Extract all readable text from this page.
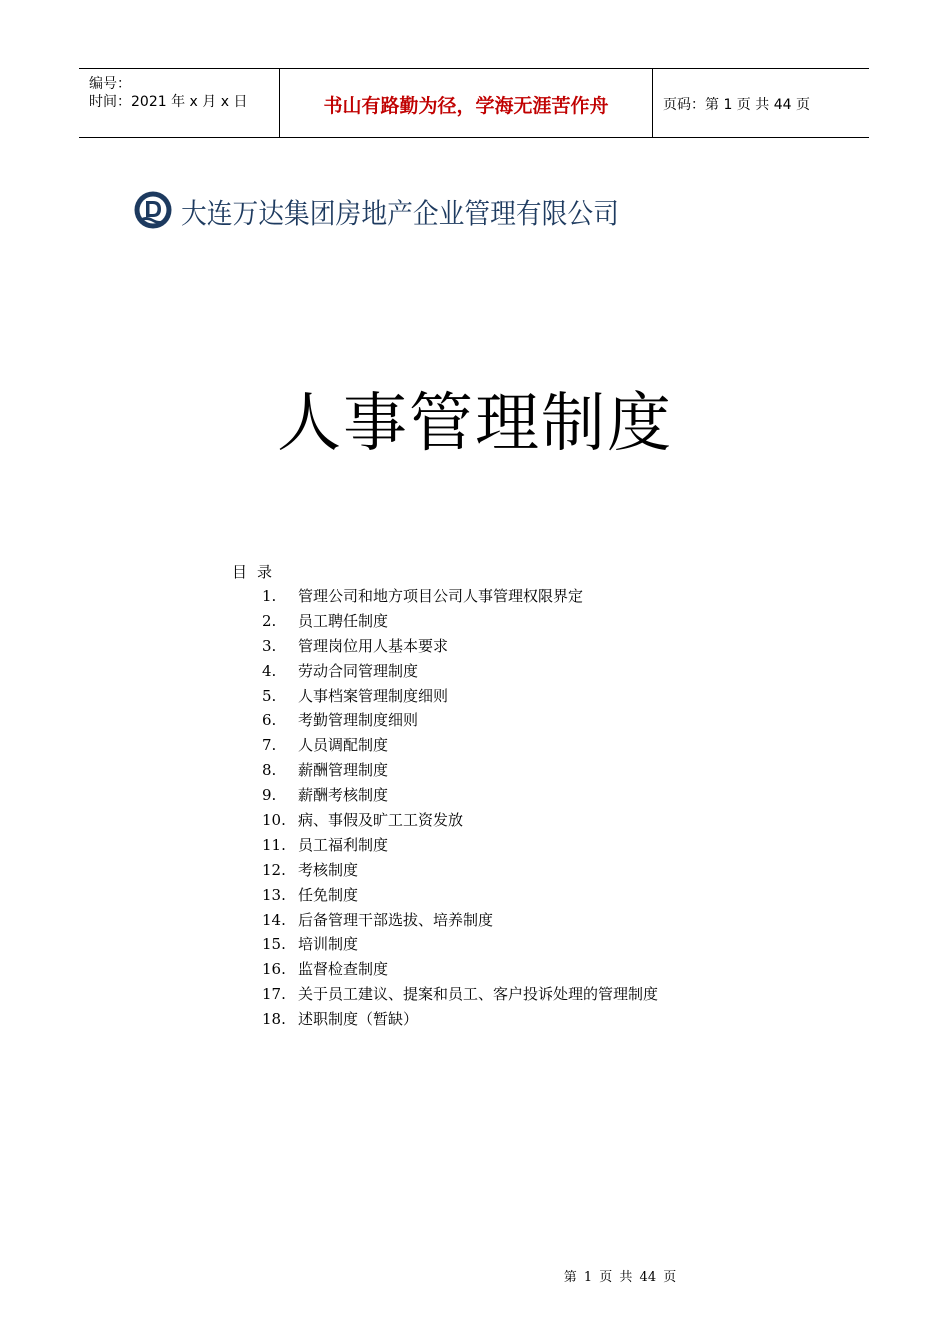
编号：
时间：2021 年 x 月 x 日	书山有路勤为径，学海无涯苦作舟	页码：第 1 页 共 44 页
大连万达集团房地产企业管理有限公司
人事管理制度
目录
1. 管理公司和地方项目公司人事管理权限界定
2. 员工聘任制度
3. 管理岗位用人基本要求
4. 劳动合同管理制度
5. 人事档案管理制度细则
6. 考勤管理制度细则
7. 人员调配制度
8. 薪酬管理制度
9. 薪酬考核制度
10. 病、事假及旷工工资发放
11. 员工福利制度
12. 考核制度
13. 任免制度
14. 后备管理干部选拔、培养制度
15. 培训制度
16. 监督检查制度
17. 关于员工建议、提案和员工、客户投诉处理的管理制度
18. 述职制度（暂缺）
第 1 页 共 44 页
